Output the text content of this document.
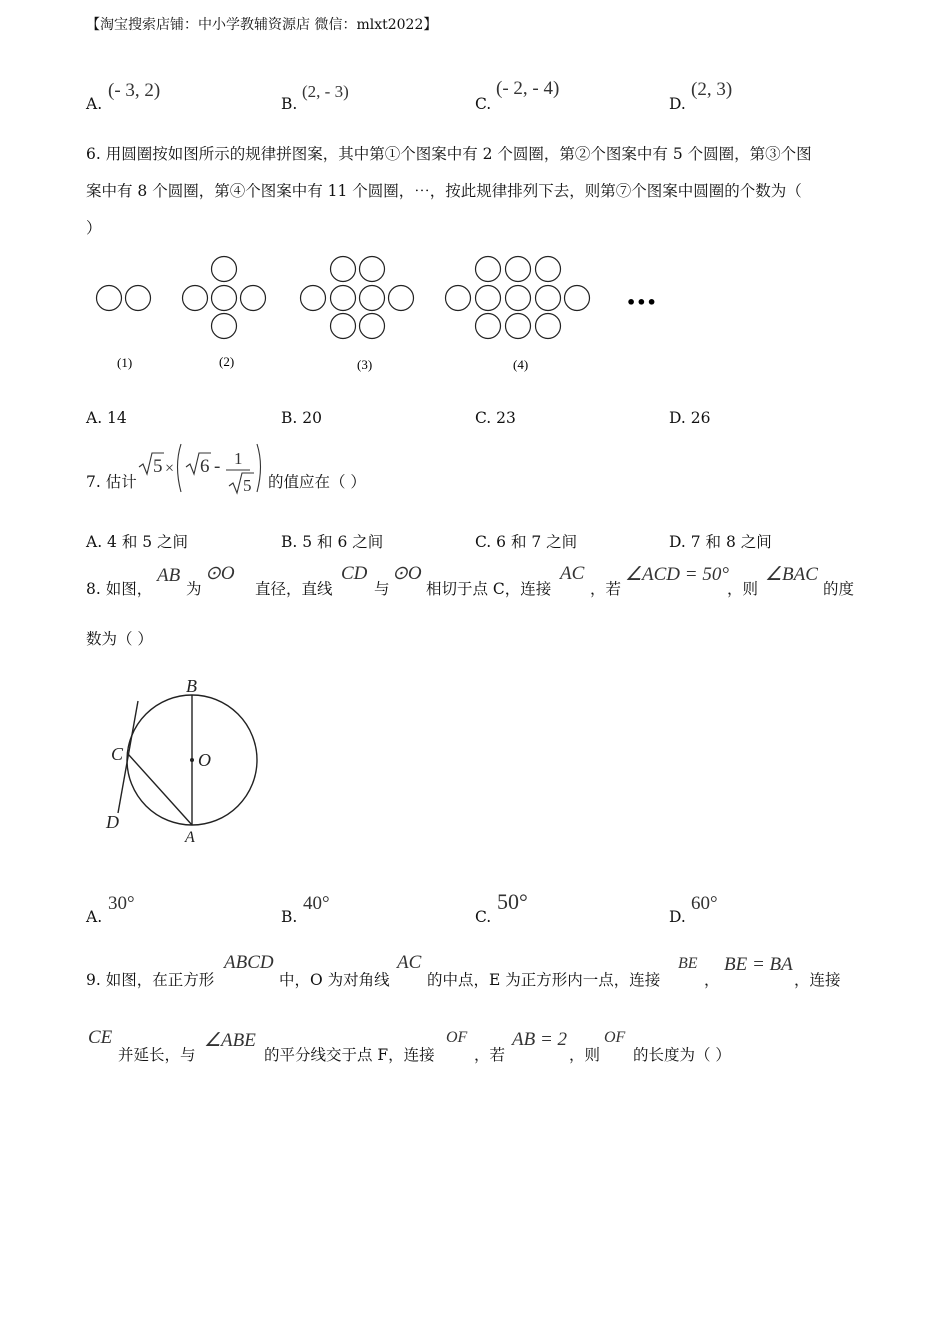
【淘宝搜索店铺：中小学教辅资源店 微信：mlxt2022】
A.
(- 3, 2)
B.
(2, - 3)
C.
(- 2, - 4)
D.
(2, 3)
6. 用圆圈按如图所示的规律拼图案，其中第①个图案中有 2 个圆圈，第②个图案中有 5 个圆圈，第③个图
案中有 8 个圆圈，第④个图案中有 11 个圆圈，⋯，按此规律排列下去，则第⑦个图案中圆圈的个数为（
）
•••
(1)	(2)	(3)	(4)
A. 14	B. 20	C. 23	D. 26
7. 估计
5 × 6 - 1
5 的值应在（ ）
A. 4 和 5 之间	B. 5 和 6 之间	C. 6 和 7 之间	D. 7 和 8 之间
8. 如图，
AB
为
⊙O
直径，直线
CD
与
⊙O
相切于点 C，连接
AC
，若
∠ACD = 50°
，则
∠BAC
的度
数为（ ）
B
C	O
D
A
A.
30°
B.
40°
C.
50°
D.
60°
9. 如图，在正方形
ABCD
中，O 为对角线
AC
的中点，E 为正方形内一点，连接
BE
，
BE = BA
，连接
CE
并延长，与
∠ABE
的平分线交于点 F，连接
OF
，若
AB = 2
，则
OF
的长度为（ ）
